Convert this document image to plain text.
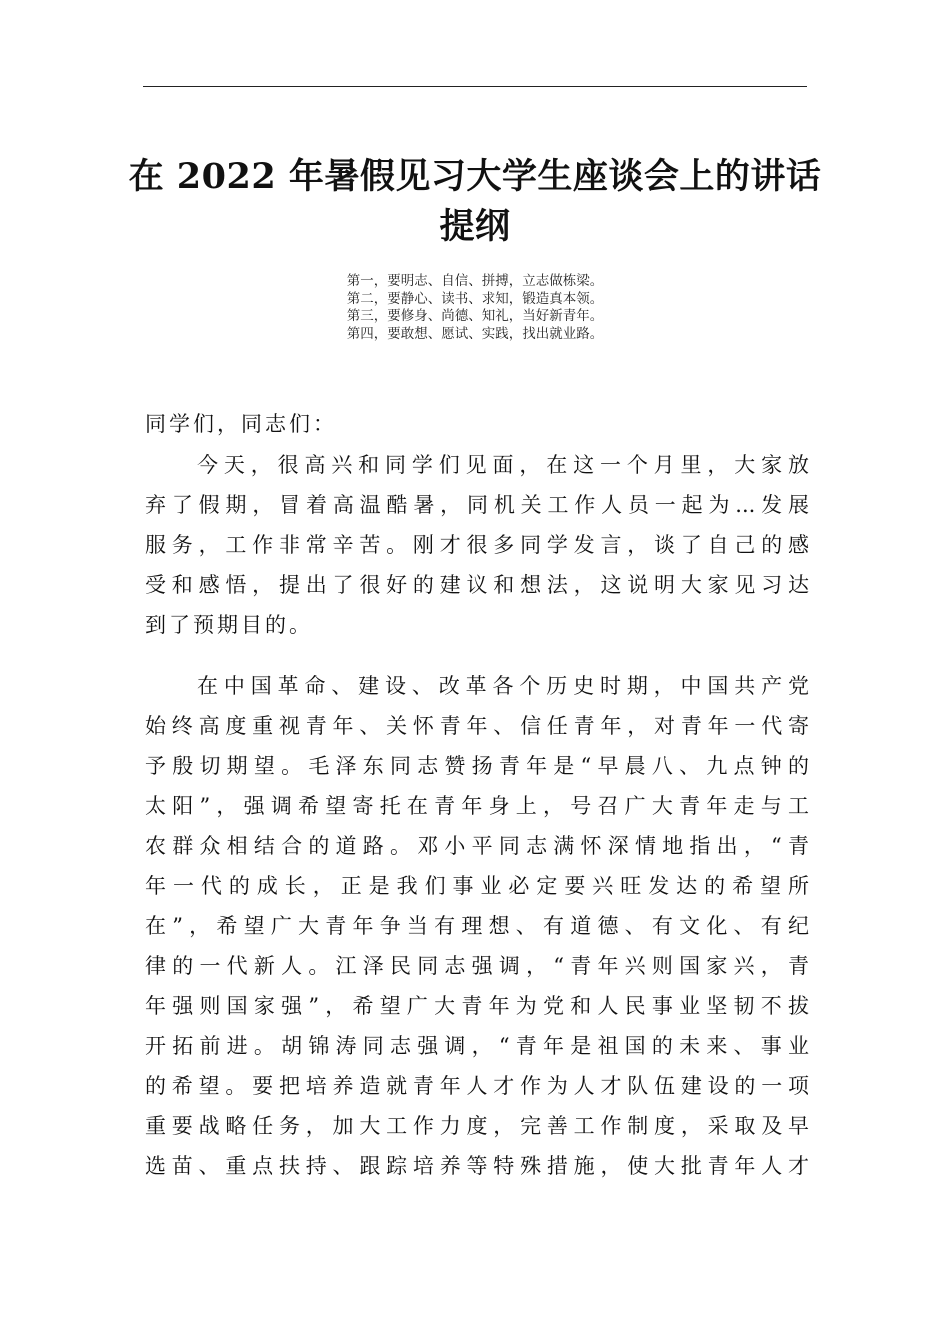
在 2022 年暑假见习大学生座谈会上的讲话
提纲
第一，要明志、自信、拼搏，立志做栋梁。
第二，要静心、读书、求知，锻造真本领。
第三，要修身、尚德、知礼，当好新青年。
第四，要敢想、愿试、实践，找出就业路。
同学们，同志们：
今天，很高兴和同学们见面，在这一个月里，大家放
弃了假期，冒着高温酷暑，同机关工作人员一起为...发展
服务，工作非常辛苦。刚才很多同学发言，谈了自己的感
受和感悟，提出了很好的建议和想法，这说明大家见习达
到了预期目的。
在中国革命、建设、改革各个历史时期，中国共产党
始终高度重视青年、关怀青年、信任青年，对青年一代寄
予殷切期望。毛泽东同志赞扬青年是“早晨八、九点钟的
太阳”，强调希望寄托在青年身上，号召广大青年走与工
农群众相结合的道路。邓小平同志满怀深情地指出，“青
年一代的成长，正是我们事业必定要兴旺发达的希望所
在”，希望广大青年争当有理想、有道德、有文化、有纪
律的一代新人。江泽民同志强调，“青年兴则国家兴，青
年强则国家强”，希望广大青年为党和人民事业坚韧不拔
开拓前进。胡锦涛同志强调，“青年是祖国的未来、事业
的希望。要把培养造就青年人才作为人才队伍建设的一项
重要战略任务，加大工作力度，完善工作制度，采取及早
选苗、重点扶持、跟踪培养等特殊措施，使大批青年人才
